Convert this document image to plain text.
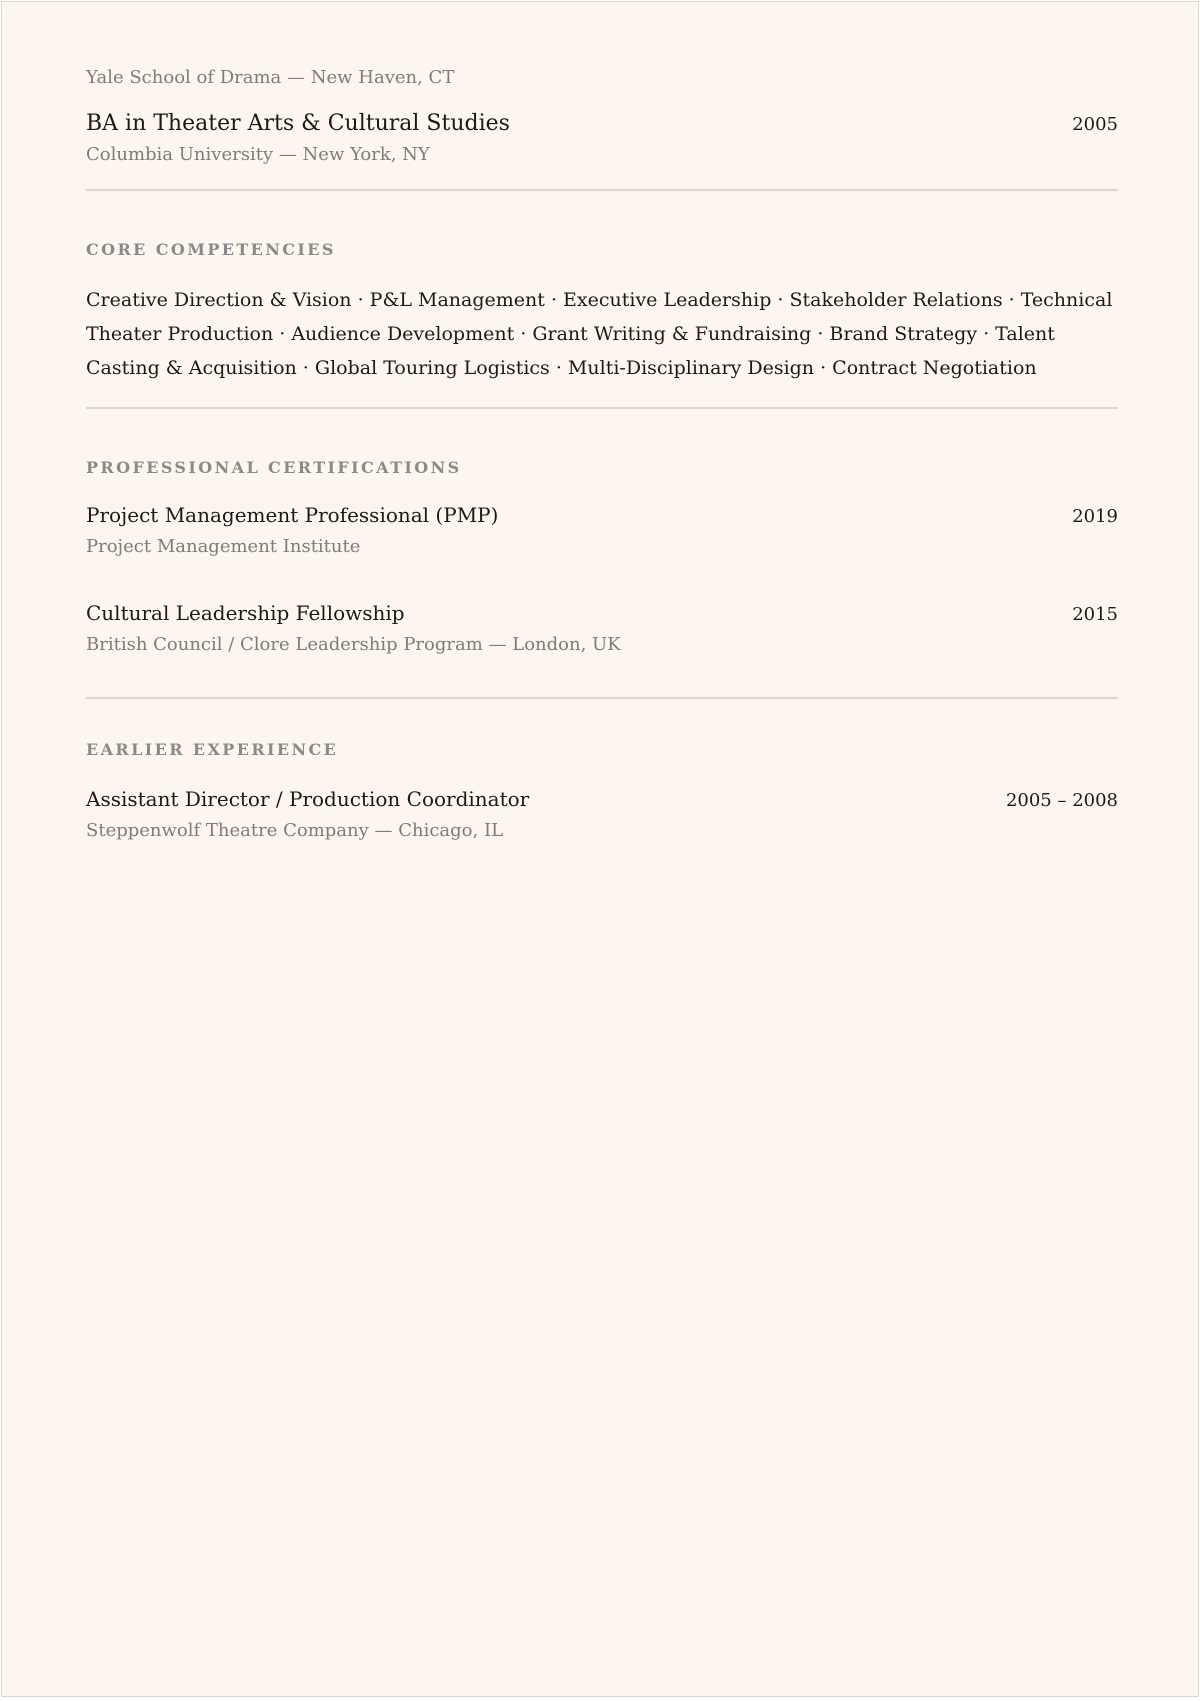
Yale School of Drama — New Haven, CT
BA in Theater Arts & Cultural Studies	2005
Columbia University — New York, NY
CORE COMPETENCIES
Creative Direction & Vision · P&L Management · Executive Leadership · Stakeholder Relations · Technical Theater Production · Audience Development · Grant Writing & Fundraising · Brand Strategy · Talent Casting & Acquisition · Global Touring Logistics · Multi-Disciplinary Design · Contract Negotiation
PROFESSIONAL CERTIFICATIONS
Project Management Professional (PMP)	2019
Project Management Institute
Cultural Leadership Fellowship	2015
British Council / Clore Leadership Program — London, UK
EARLIER EXPERIENCE
Assistant Director / Production Coordinator	2005 – 2008
Steppenwolf Theatre Company — Chicago, IL
